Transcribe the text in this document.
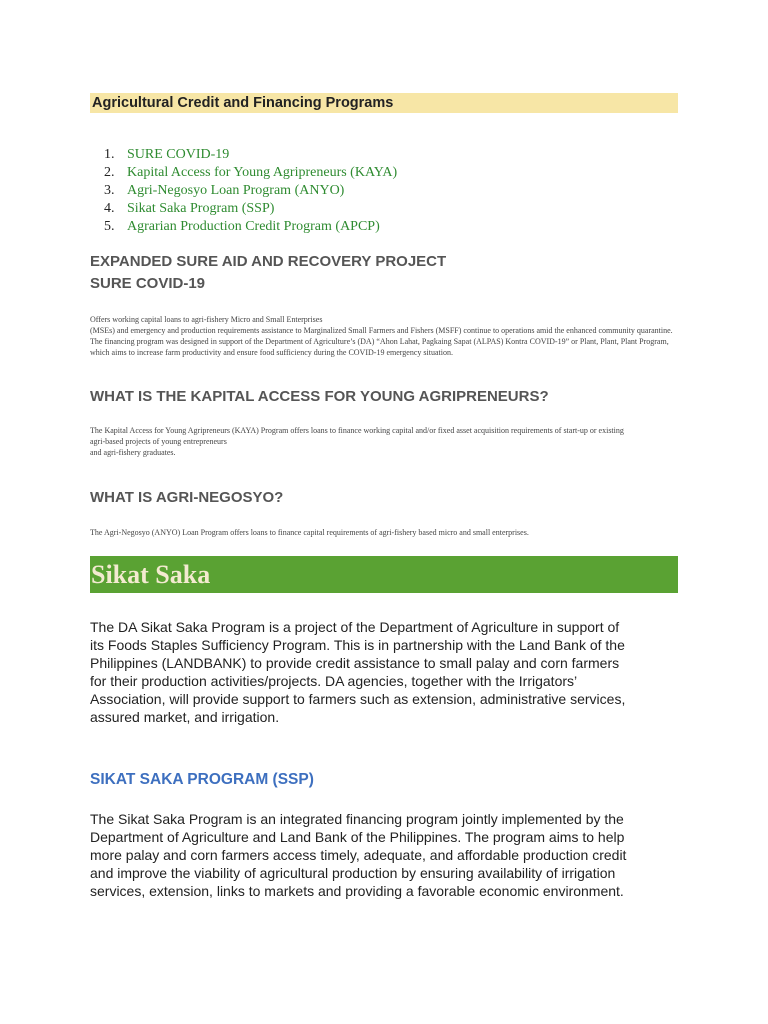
Agricultural Credit and Financing Programs
1. SURE COVID-19
2. Kapital Access for Young Agripreneurs (KAYA)
3. Agri-Negosyo Loan Program (ANYO)
4. Sikat Saka Program (SSP)
5. Agrarian Production Credit Program (APCP)
EXPANDED SURE AID AND RECOVERY PROJECT
SURE COVID-19
Offers working capital loans to agri-fishery Micro and Small Enterprises
(MSEs) and emergency and production requirements assistance to Marginalized Small Farmers and Fishers (MSFF) continue to operations amid the enhanced community quarantine. The financing program was designed in support of the Department of Agriculture’s (DA) “Ahon Lahat, Pagkaing Sapat (ALPAS) Kontra COVID-19” or Plant, Plant, Plant Program, which aims to increase farm productivity and ensure food sufficiency during the COVID-19 emergency situation.
WHAT IS THE KAPITAL ACCESS FOR YOUNG AGRIPRENEURS?
The Kapital Access for Young Agripreneurs (KAYA) Program offers loans to finance working capital and/or fixed asset acquisition requirements of start-up or existing
agri-based projects of young entrepreneurs
and agri-fishery graduates.
WHAT IS AGRI-NEGOSYO?
The Agri-Negosyo (ANYO) Loan Program offers loans to finance capital requirements of agri-fishery based micro and small enterprises.
Sikat Saka
The DA Sikat Saka Program is a project of the Department of Agriculture in support of
its Foods Staples Sufficiency Program. This is in partnership with the Land Bank of the
Philippines (LANDBANK) to provide credit assistance to small palay and corn farmers
for their production activities/projects. DA agencies, together with the Irrigators’
Association, will provide support to farmers such as extension, administrative services,
assured market, and irrigation.
SIKAT SAKA PROGRAM (SSP)
The Sikat Saka Program is an integrated financing program jointly implemented by the
Department of Agriculture and Land Bank of the Philippines. The program aims to help
more palay and corn farmers access timely, adequate, and affordable production credit
and improve the viability of agricultural production by ensuring availability of irrigation
services, extension, links to markets and providing a favorable economic environment.
